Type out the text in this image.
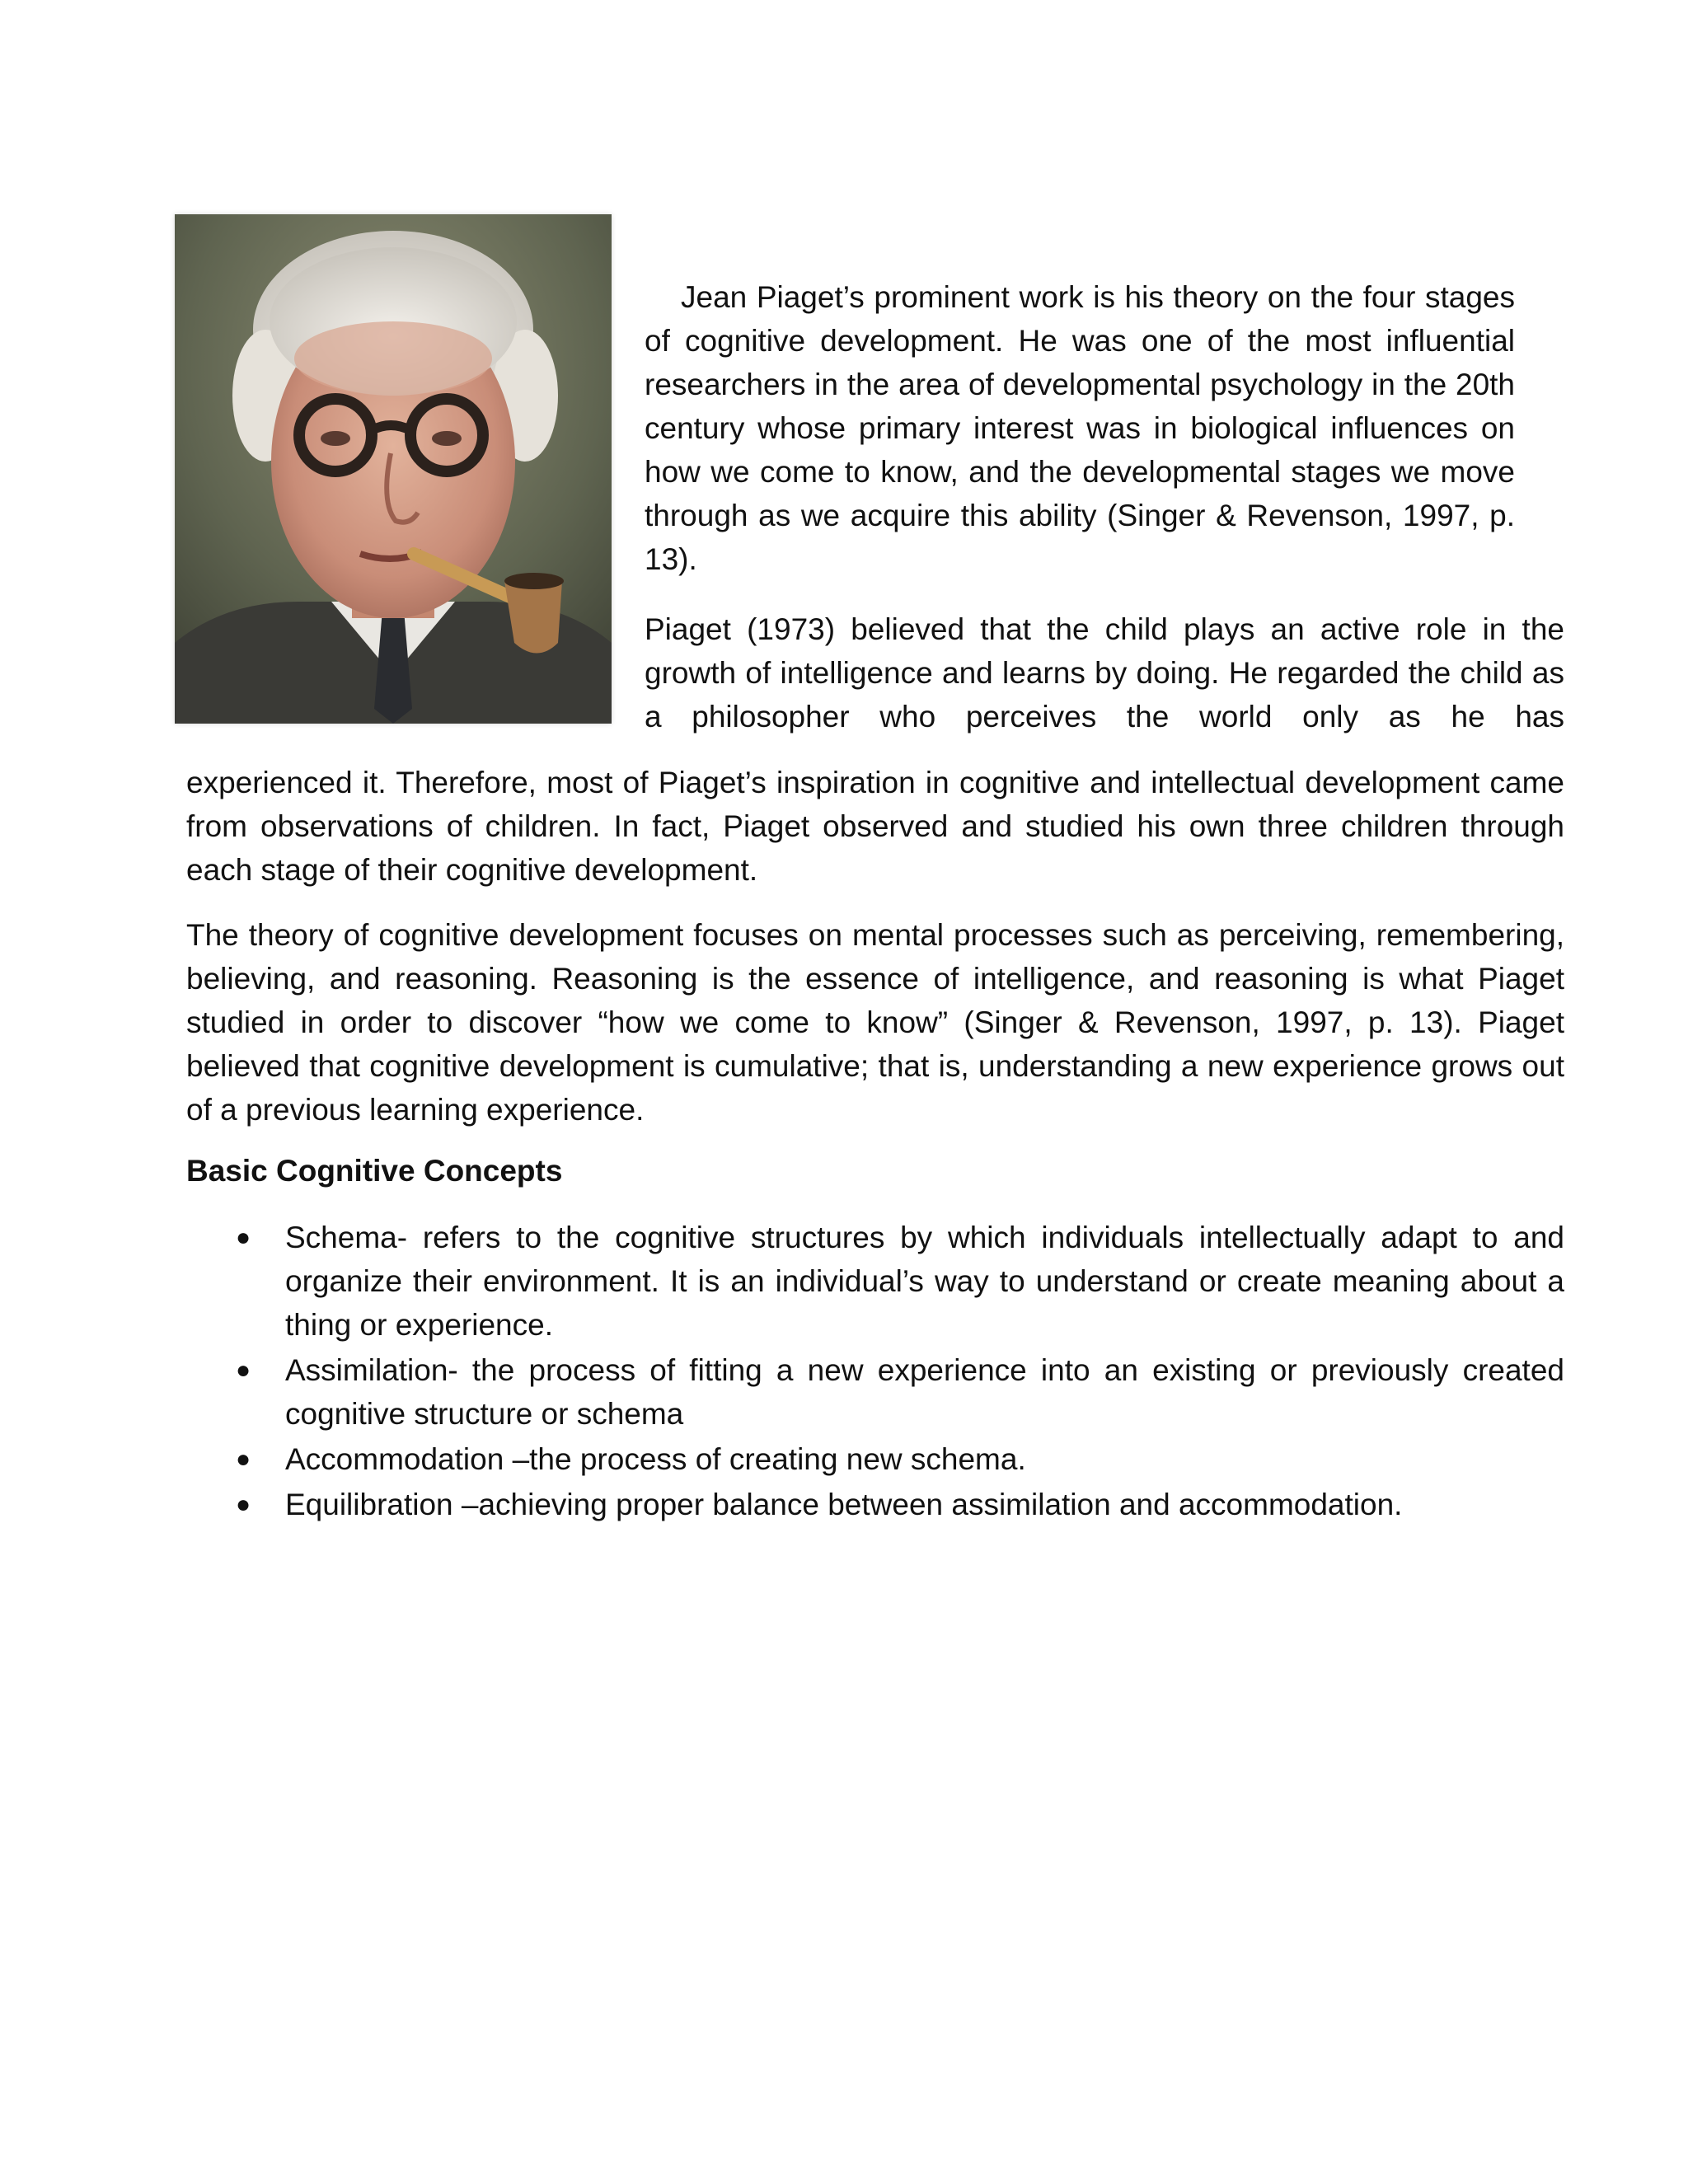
Jean Piaget’s prominent work is his theory on the four stages of cognitive development. He was one of the most influential researchers in the area of developmental psychology in the 20th century whose primary interest was in biological influences on how we come to know, and the developmental stages we move through as we acquire this ability (Singer & Revenson, 1997, p. 13).

Piaget (1973) believed that the child plays an active role in the growth of intelligence and learns by doing. He regarded the child as a philosopher who perceives the world only as he has

experienced it. Therefore, most of Piaget’s inspiration in cognitive and intellectual development came from observations of children. In fact, Piaget observed and studied his own three children through each stage of their cognitive development.

The theory of cognitive development focuses on mental processes such as perceiving, remembering, believing, and reasoning. Reasoning is the essence of intelligence, and reasoning is what Piaget studied in order to discover “how we come to know” (Singer & Revenson, 1997, p. 13). Piaget believed that cognitive development is cumulative; that is, understanding a new experience grows out of a previous learning experience.

Basic Cognitive Concepts
● Schema- refers to the cognitive structures by which individuals intellectually adapt to and organize their environment. It is an individual’s way to understand or create meaning about a thing or experience.
● Assimilation- the process of fitting a new experience into an existing or previously created cognitive structure or schema
● Accommodation –the process of creating new schema.
● Equilibration –achieving proper balance between assimilation and accommodation.
